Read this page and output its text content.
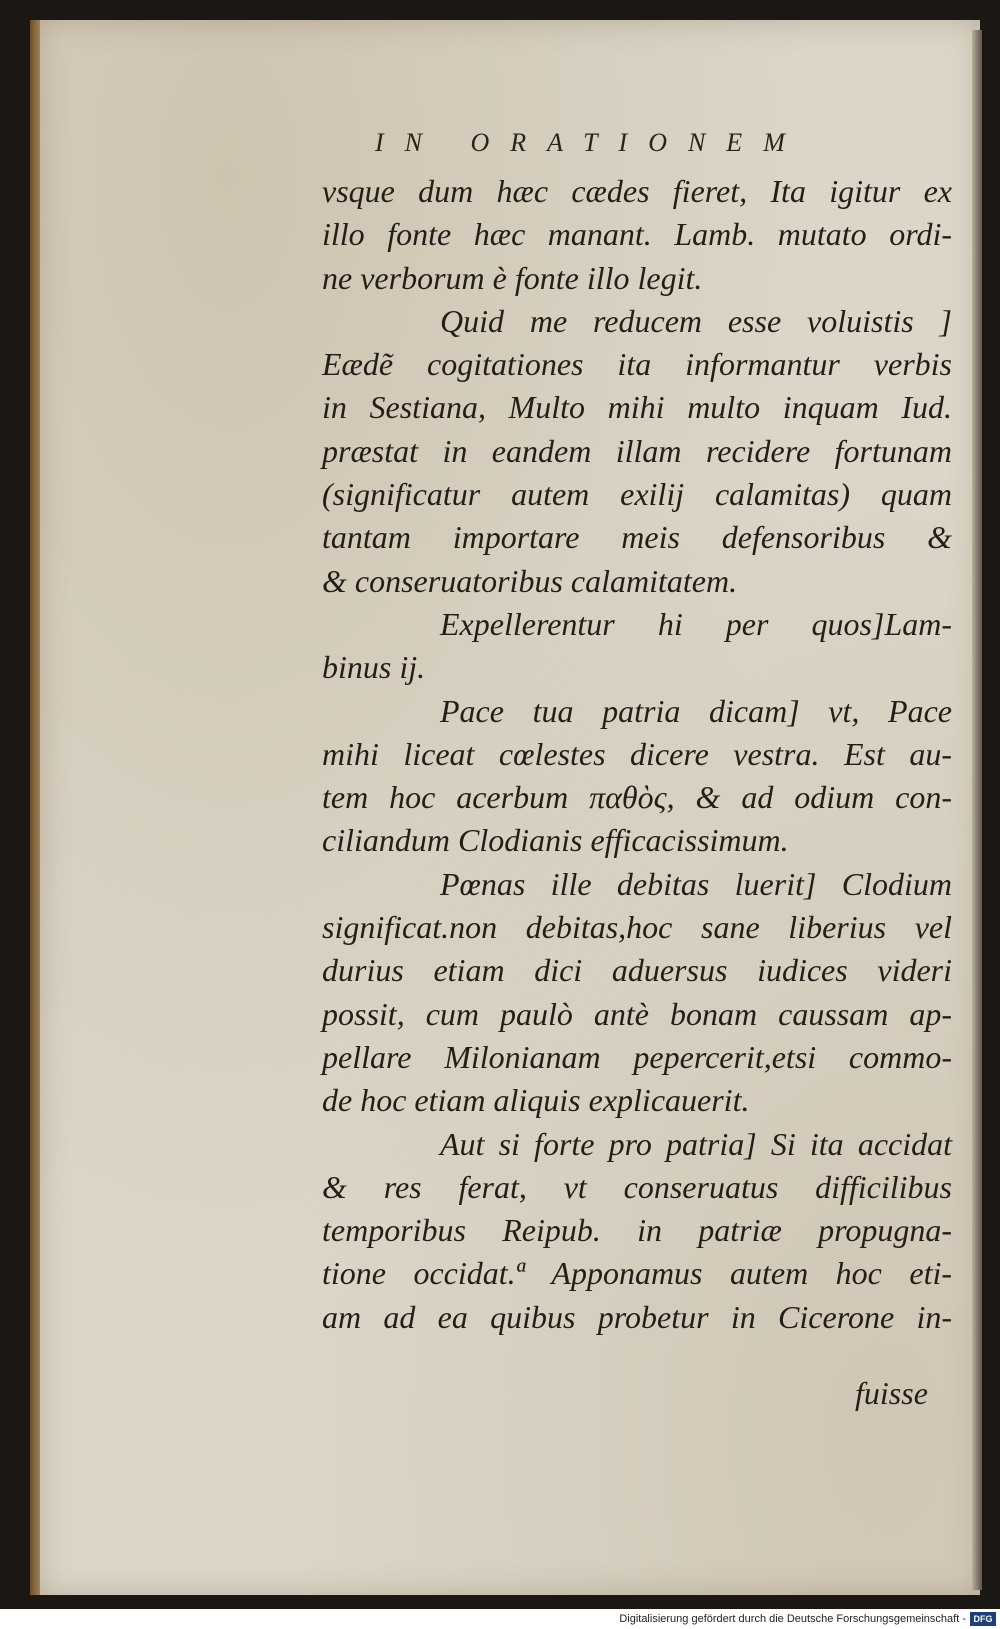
IN ORATIONEM
vsque dum hæc cædes fieret, Ita igitur ex
illo fonte hæc manant. Lamb. mutato ordi-
ne verborum è fonte illo legit.
Quid me reducem esse voluistis ]
Eædẽ cogitationes ita informantur verbis
in Sestiana, Multo mihi multo inquam Iud.
præstat in eandem illam recidere fortunam
(significatur autem exilij calamitas) quam
tantam importare meis defensoribus &
& conseruatoribus calamitatem.
Expellerentur hi per quos]Lam-
binus ij.
Pace tua patria dicam] vt, Pace
mihi liceat cœlestes dicere vestra. Est au-
tem hoc acerbum παθὸς, & ad odium con-
ciliandum Clodianis efficacissimum.
Pœnas ille debitas luerit] Clodium
significat.non debitas,hoc sane liberius vel
durius etiam dici aduersus iudices videri
possit, cum paulò antè bonam caussam ap-
pellare Milonianam pepercerit,etsi commo-
de hoc etiam aliquis explicauerit.
Aut si forte pro patria] Si ita accidat
& res ferat, vt conseruatus difficilibus
temporibus Reipub. in patriæ propugna-
tione occidat.ª Apponamus autem hoc eti-
am ad ea quibus probetur in Cicerone in-
fuisse
Digitalisierung gefördert durch die Deutsche Forschungsgemeinschaft - DFG
